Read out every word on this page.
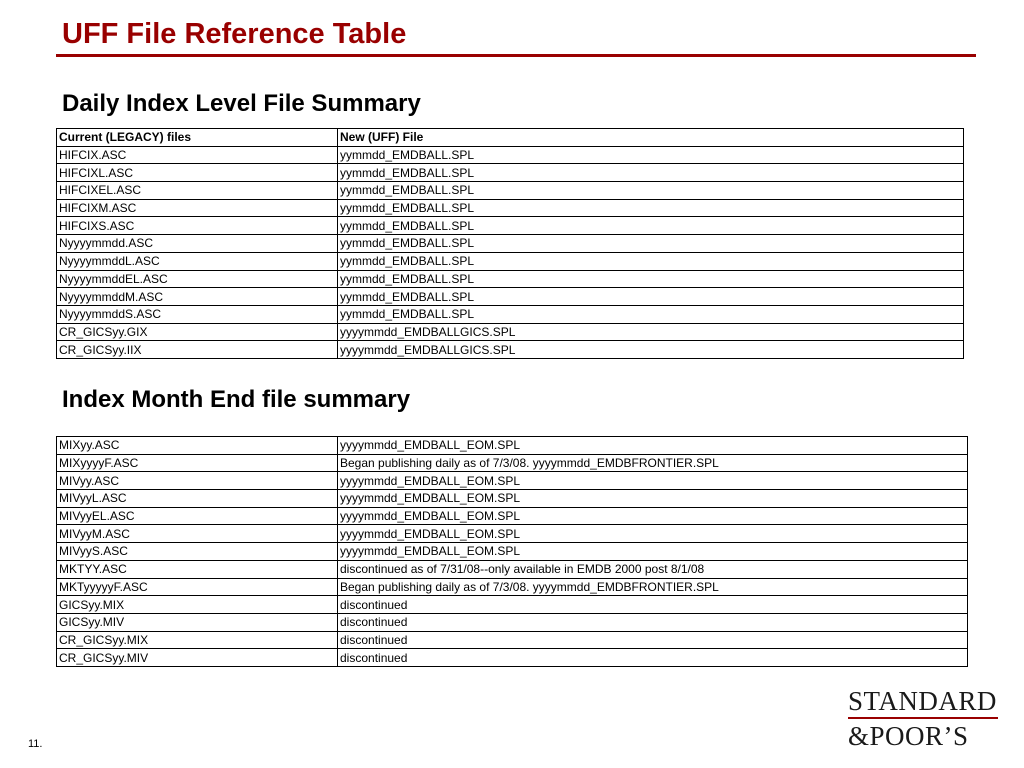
UFF File Reference Table
Daily Index Level File Summary
Current (LEGACY) files	New (UFF) File
HIFCIX.ASC	yymmdd_EMDBALL.SPL
HIFCIXL.ASC	yymmdd_EMDBALL.SPL
HIFCIXEL.ASC	yymmdd_EMDBALL.SPL
HIFCIXM.ASC	yymmdd_EMDBALL.SPL
HIFCIXS.ASC	yymmdd_EMDBALL.SPL
Nyyyymmdd.ASC	yymmdd_EMDBALL.SPL
NyyyymmddL.ASC	yymmdd_EMDBALL.SPL
NyyyymmddEL.ASC	yymmdd_EMDBALL.SPL
NyyyymmddM.ASC	yymmdd_EMDBALL.SPL
NyyyymmddS.ASC	yymmdd_EMDBALL.SPL
CR_GICSyy.GIX	yyyymmdd_EMDBALLGICS.SPL
CR_GICSyy.IIX	yyyymmdd_EMDBALLGICS.SPL
Index Month End file summary
MIXyy.ASC	yyyymmdd_EMDBALL_EOM.SPL
MIXyyyyF.ASC	Began publishing daily as of 7/3/08. yyyymmdd_EMDBFRONTIER.SPL
MIVyy.ASC	yyyymmdd_EMDBALL_EOM.SPL
MIVyyL.ASC	yyyymmdd_EMDBALL_EOM.SPL
MIVyyEL.ASC	yyyymmdd_EMDBALL_EOM.SPL
MIVyyM.ASC	yyyymmdd_EMDBALL_EOM.SPL
MIVyyS.ASC	yyyymmdd_EMDBALL_EOM.SPL
MKTYY.ASC	discontinued as of 7/31/08--only available in EMDB 2000 post 8/1/08
MKTyyyyyF.ASC	Began publishing daily as of 7/3/08. yyyymmdd_EMDBFRONTIER.SPL
GICSyy.MIX	discontinued
GICSyy.MIV	discontinued
CR_GICSyy.MIX	discontinued
CR_GICSyy.MIV	discontinued
11.
STANDARD
&POOR’S
